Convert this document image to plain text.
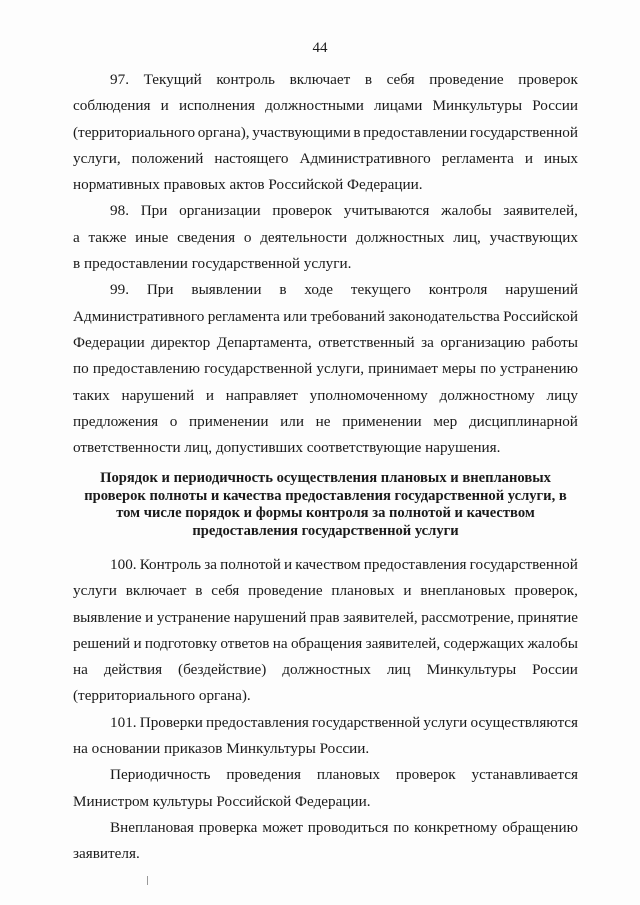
44
97. Текущий контроль включает в себя проведение проверок
соблюдения и исполнения должностными лицами Минкультуры России
(территориального органа), участвующими в предоставлении государственной
услуги, положений настоящего Административного регламента и иных
нормативных правовых актов Российской Федерации.
98. При организации проверок учитываются жалобы заявителей,
а также иные сведения о деятельности должностных лиц, участвующих
в предоставлении государственной услуги.
99. При выявлении в ходе текущего контроля нарушений
Административного регламента или требований законодательства Российской
Федерации директор Департамента, ответственный за организацию работы
по предоставлению государственной услуги, принимает меры по устранению
таких нарушений и направляет уполномоченному должностному лицу
предложения о применении или не применении мер дисциплинарной
ответственности лиц, допустивших соответствующие нарушения.
Порядок и периодичность осуществления плановых и внеплановых
проверок полноты и качества предоставления государственной услуги, в
том числе порядок и формы контроля за полнотой и качеством
предоставления государственной услуги
100. Контроль за полнотой и качеством предоставления государственной
услуги включает в себя проведение плановых и внеплановых проверок,
выявление и устранение нарушений прав заявителей, рассмотрение, принятие
решений и подготовку ответов на обращения заявителей, содержащих жалобы
на действия (бездействие) должностных лиц Минкультуры России
(территориального органа).
101. Проверки предоставления государственной услуги осуществляются
на основании приказов Минкультуры России.
Периодичность проведения плановых проверок устанавливается
Министром культуры Российской Федерации.
Внеплановая проверка может проводиться по конкретному обращению
заявителя.
